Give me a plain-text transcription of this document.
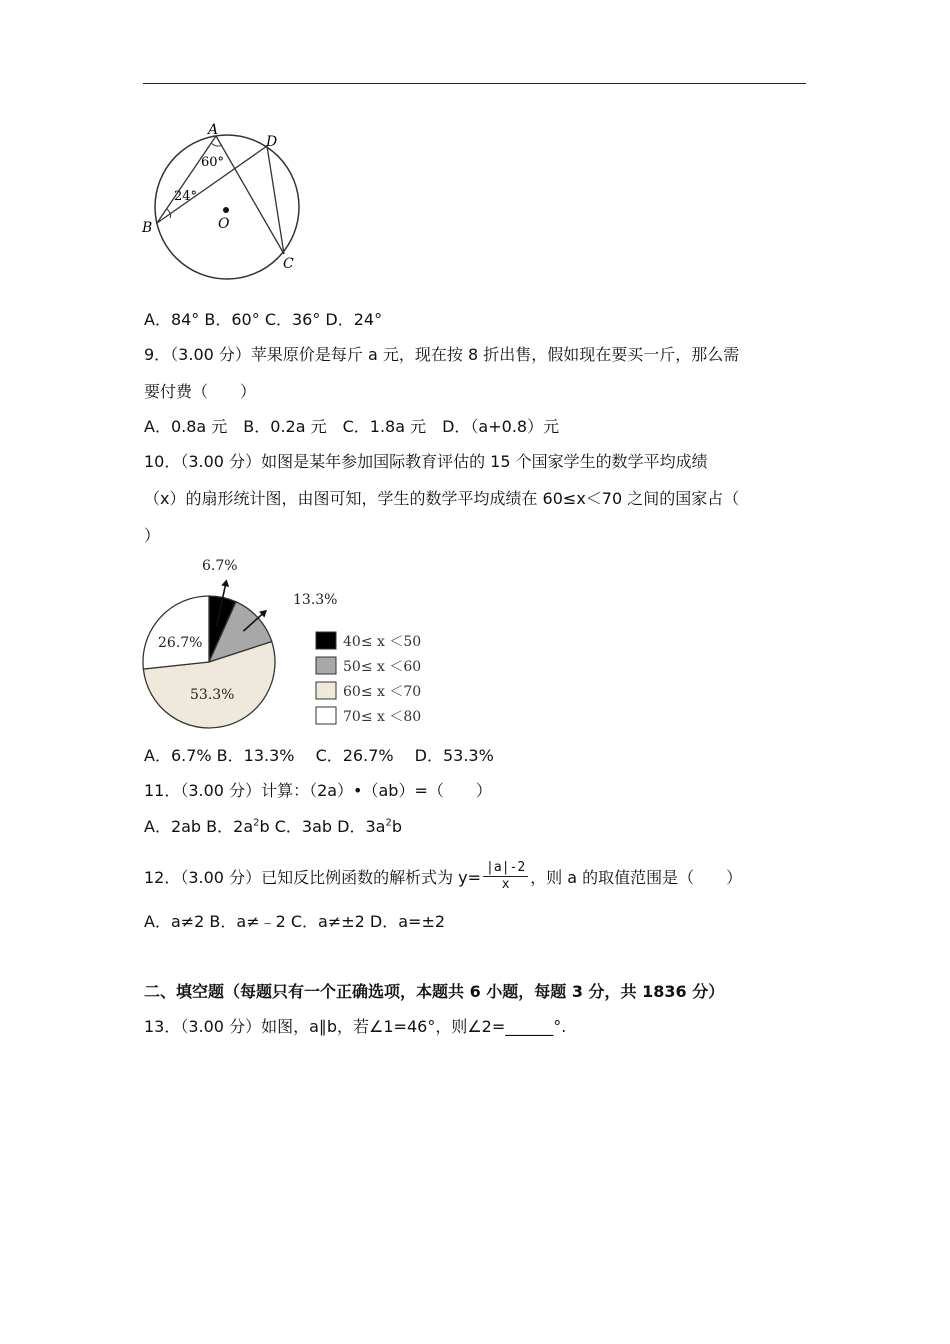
A
D
B
C
O
60°
24°
A．84° B．60° C．36° D．24°
9．（3.00 分）苹果原价是每斤 a 元，现在按 8 折出售，假如现在要买一斤，那么需
要付费（　　）
A．0.8a 元　B．0.2a 元　C．1.8a 元　D．（a+0.8）元
10．（3.00 分）如图是某年参加国际教育评估的 15 个国家学生的数学平均成绩
（x）的扇形统计图，由图可知，学生的数学平均成绩在 60≤x＜70 之间的国家占（
）
6.7%
13.3%
53.3%
26.7%	40≤ x ＜50
50≤ x ＜60
60≤ x ＜70
70≤ x ＜80
A．6.7% B．13.3%　 C．26.7%　 D．53.3%
11．（3.00 分）计算：（2a）•（ab）=（　　）
A．2ab B．$2a^2b$ C．3ab D．$3a^2b$
12．（3.00 分）已知反比例函数的解析式为 $y= \frac{|a|-2}{x}$ ，则 a 的取值范围是（　　）
A．a≠2 B．a≠﹣2 C．a≠±2 D．a=±2
二、填空题（每题只有一个正确选项，本题共 6 小题，每题 3 分，共 1836 分）
13．（3.00 分）如图，a∥b，若∠1=46°，则∠2=______°.
